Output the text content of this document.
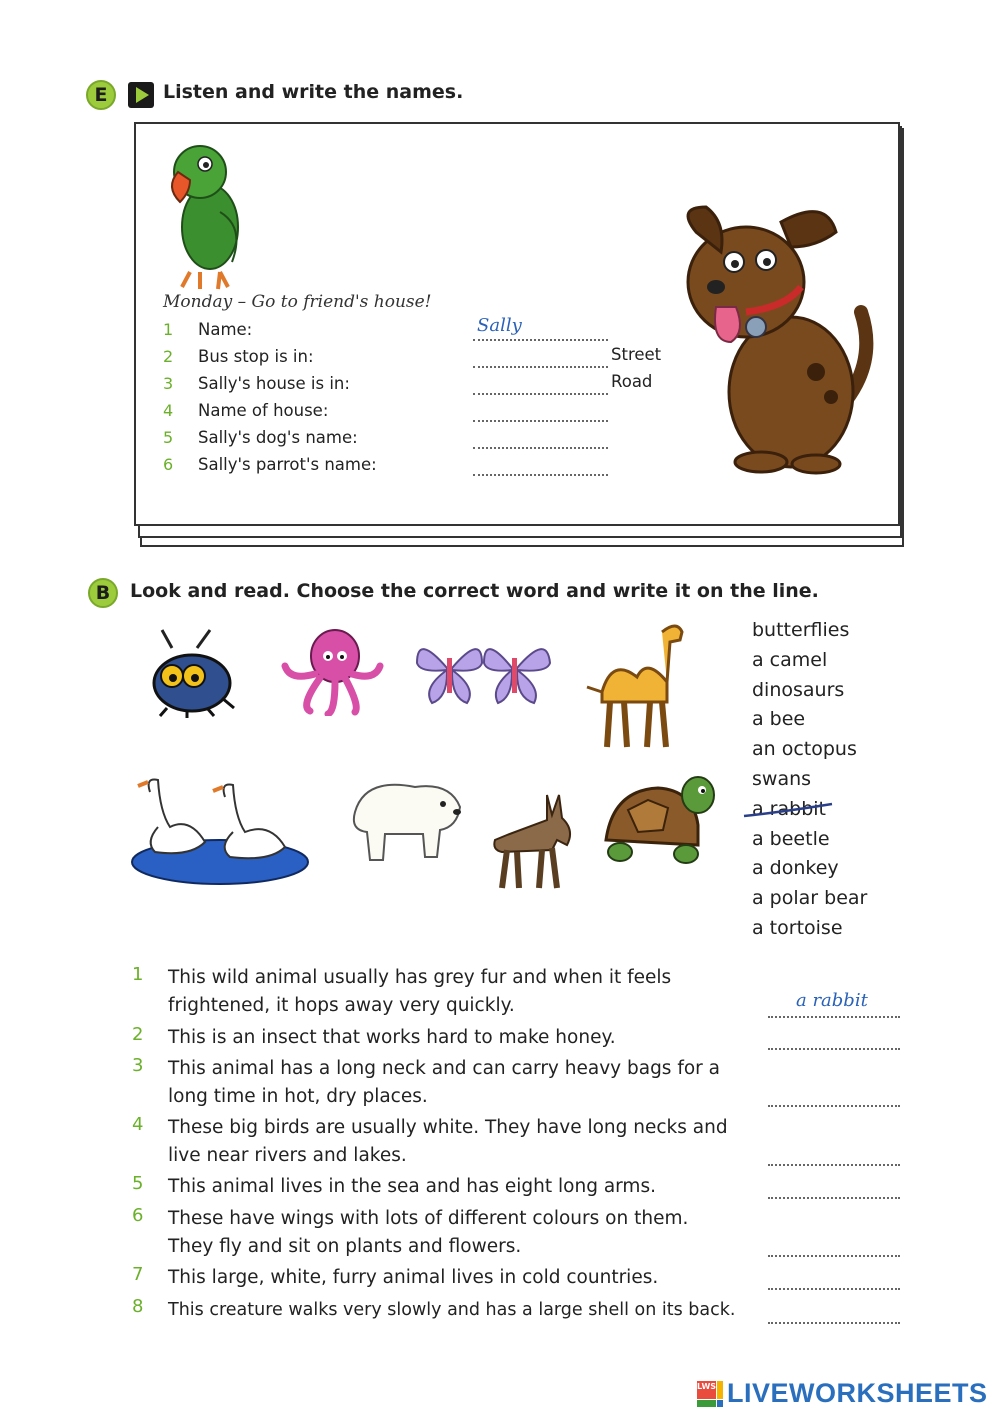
E	Listen and write the names.
Monday – Go to friend's house!
1 Name:	Sally
2 Bus stop is in:	Street
3 Sally's house is in:	Road
4 Name of house:
5 Sally's dog's name:
6 Sally's parrot's name:
B	Look and read. Choose the correct word and write it on the line.
butterflies
a camel
dinosaurs
a bee
an octopus
swans
a rabbit
a beetle
a donkey
a polar bear
a tortoise
1 This wild animal usually has grey fur and when it feels
frightened, it hops away very quickly.	a rabbit
2 This is an insect that works hard to make honey.
3 This animal has a long neck and can carry heavy bags for a
long time in hot, dry places.
4 These big birds are usually white. They have long necks and
live near rivers and lakes.
5 This animal lives in the sea and has eight long arms.
6 These have wings with lots of different colours on them.
They fly and sit on plants and flowers.
7 This large, white, furry animal lives in cold countries.
8 This creature walks very slowly and has a large shell on its back.
LWS LIVE WORKSHEETS
